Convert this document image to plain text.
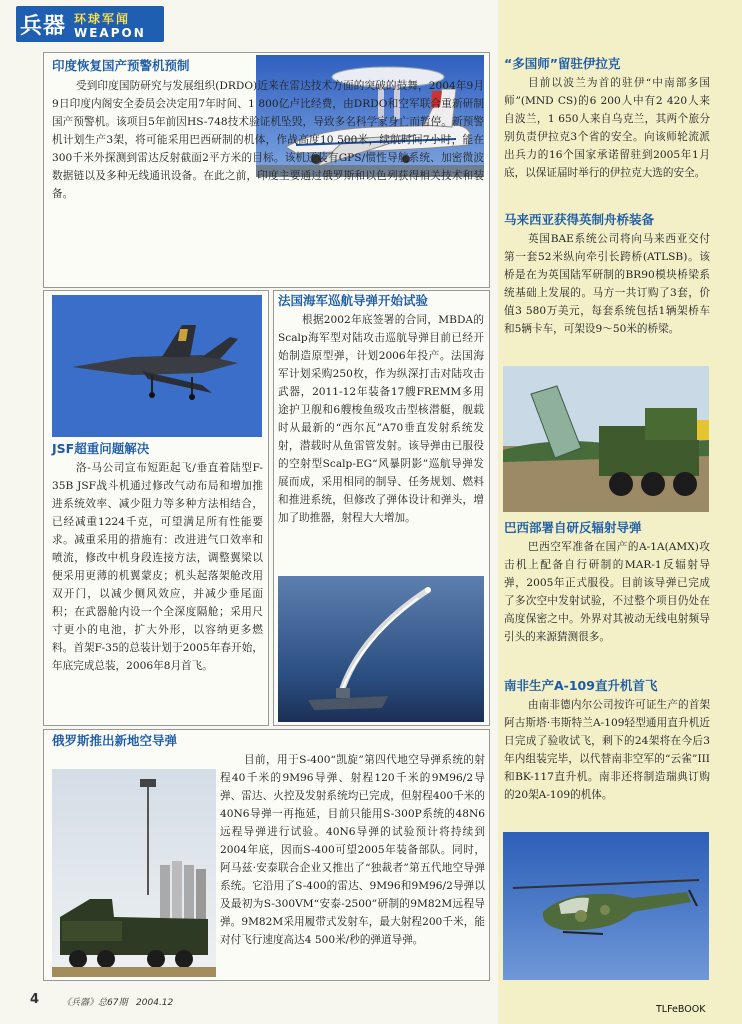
兵器 环球军闻
WEAPON
印度恢复国产预警机预制

受到印度国防研究与发展组织(DRDO)近来在雷达技术方面的突破的鼓舞，2004年9月9日印度内阁安全委员会决定用7年时间、1 800亿卢比经费，由DRDO和空军联合重新研制国产预警机。该项目5年前因HS-748技术验证机坠毁，导致多名科学家身亡而暂停。新预警机计划生产3架，将可能采用巴西研制的机体，作战高度10 500米，续航时间7小时，能在300千米外探测到雷达反射截面2平方米的目标。该机还装有GPS/惯性导航系统、加密微波数据链以及多种无线通讯设备。在此之前，印度主要通过俄罗斯和以色列获得相关技术和装备。

JSF超重问题解决

洛-马公司宣布短距起飞/垂直着陆型F-35B JSF战斗机通过修改气动布局和增加推进系统效率、减少阻力等多种方法相结合，已经减重1224千克，可望满足所有性能要求。减重采用的措施有：改进进气口效率和喷流，修改中机身段连接方法，调整翼梁以便采用更薄的机翼蒙皮；机头起落架舱改用双开门，以减少侧风效应，并减少垂尾面积；在武器舱内设一个全深度隔舱；采用尺寸更小的电池，扩大外形，以容纳更多燃料。首架F-35的总装计划于2005年春开始，年底完成总装，2006年8月首飞。

法国海军巡航导弹开始试验

根据2002年底签署的合同，MBDA的Scalp海军型对陆攻击巡航导弹目前已经开始制造原型弹，计划2006年投产。法国海军计划采购250枚，作为纵深打击对陆攻击武器，2011-12年装备17艘FREMM多用途护卫舰和6艘梭鱼级攻击型核潜艇，舰载时从最新的“西尔瓦”A70垂直发射系统发射，潜载时从鱼雷管发射。该导弹由已服役的空射型Scalp-EG“风暴阴影”巡航导弹发展而成，采用相同的制导、任务规划、燃料和推进系统，但修改了弹体设计和弹头，增加了助推器，射程大大增加。

俄罗斯推出新地空导弹

目前，用于S-400“凯旋”第四代地空导弹系统的射程40千米的9M96导弹、射程120千米的9M96/2导弹、雷达、火控及发射系统均已完成，但射程400千米的40N6导弹一再拖延，目前只能用S-300P系统的48N6远程导弹进行试验。40N6导弹的试验预计将持续到2004年底，因而S-400可望2005年装备部队。同时，阿马兹·安泰联合企业又推出了“独裁者”第五代地空导弹系统。它沿用了S-400的雷达、9M96和9M96/2导弹以及最初为S-300VM“安泰-2500”研制的9M82M远程导弹。9M82M采用履带式发射车，最大射程200千米，能对付飞行速度高达4 500米/秒的弹道导弹。

“多国师”留驻伊拉克

目前以波兰为首的驻伊“中南部多国师”(MND CS)的6 200人中有2 420人来自波兰，1 650人来自乌克兰，其两个旅分别负责伊拉克3个省的安全。向该师轮流派出兵力的16个国家承诺留驻到2005年1月底，以保证届时举行的伊拉克大选的安全。

马来西亚获得英制舟桥装备

英国BAE系统公司将向马来西亚交付第一套52米纵向牵引长跨桥(ATLSB)。该桥是在为英国陆军研制的BR90模块桥梁系统基础上发展的。马方一共订购了3套，价值3 580万美元，每套系统包括1辆架桥车和5辆卡车，可架设9～50米的桥梁。

巴西部署自研反辐射导弹

巴西空军准备在国产的A-1A(AMX)攻击机上配备自行研制的MAR-1反辐射导弹，2005年正式服役。目前该导弹已完成了多次空中发射试验，不过整个项目仍处在高度保密之中。外界对其被动无线电射频导引头的来源猜测很多。

南非生产A-109直升机首飞

由南非德内尔公司按许可证生产的首架阿古斯塔·韦斯特兰A-109轻型通用直升机近日完成了验收试飞，剩下的24架将在今后3年内组装完毕，以代替南非空军的“云雀”III和BK-117直升机。南非还将制造瑞典订购的20架A-109的机体。

4	《兵器》总67期   2004.12
TLFeBOOK
